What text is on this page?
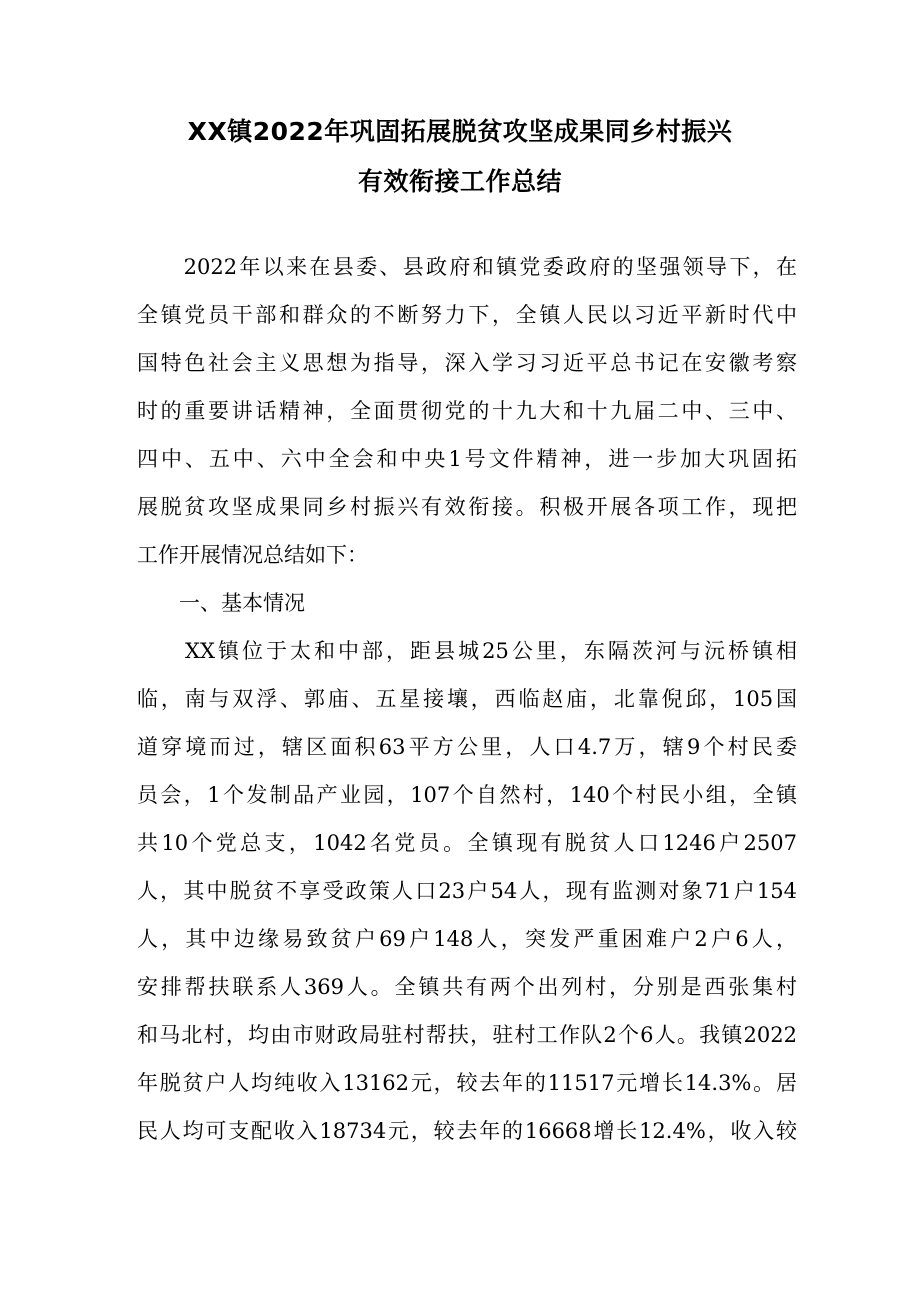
XX镇2022年巩固拓展脱贫攻坚成果同乡村振兴
有效衔接工作总结
　　2022年以来在县委、县政府和镇党委政府的坚强领导下，在
全镇党员干部和群众的不断努力下，全镇人民以习近平新时代中
国特色社会主义思想为指导，深入学习习近平总书记在安徽考察
时的重要讲话精神，全面贯彻党的十九大和十九届二中、三中、
四中、五中、六中全会和中央1号文件精神，进一步加大巩固拓
展脱贫攻坚成果同乡村振兴有效衔接。积极开展各项工作，现把
工作开展情况总结如下：
　　一、基本情况
　　XX镇位于太和中部，距县城25公里，东隔茨河与沅桥镇相
临，南与双浮、郭庙、五星接壤，西临赵庙，北靠倪邱，105国
道穿境而过，辖区面积63平方公里，人口4.7万，辖9个村民委
员会，1个发制品产业园，107个自然村，140个村民小组，全镇
共10个党总支，1042名党员。全镇现有脱贫人口1246户2507
人，其中脱贫不享受政策人口23户54人，现有监测对象71户154
人，其中边缘易致贫户69户148人，突发严重困难户2户6人，
安排帮扶联系人369人。全镇共有两个出列村，分别是西张集村
和马北村，均由市财政局驻村帮扶，驻村工作队2个6人。我镇2022
年脱贫户人均纯收入13162元，较去年的11517元增长14.3%。居
民人均可支配收入18734元，较去年的16668增长12.4%，收入较
